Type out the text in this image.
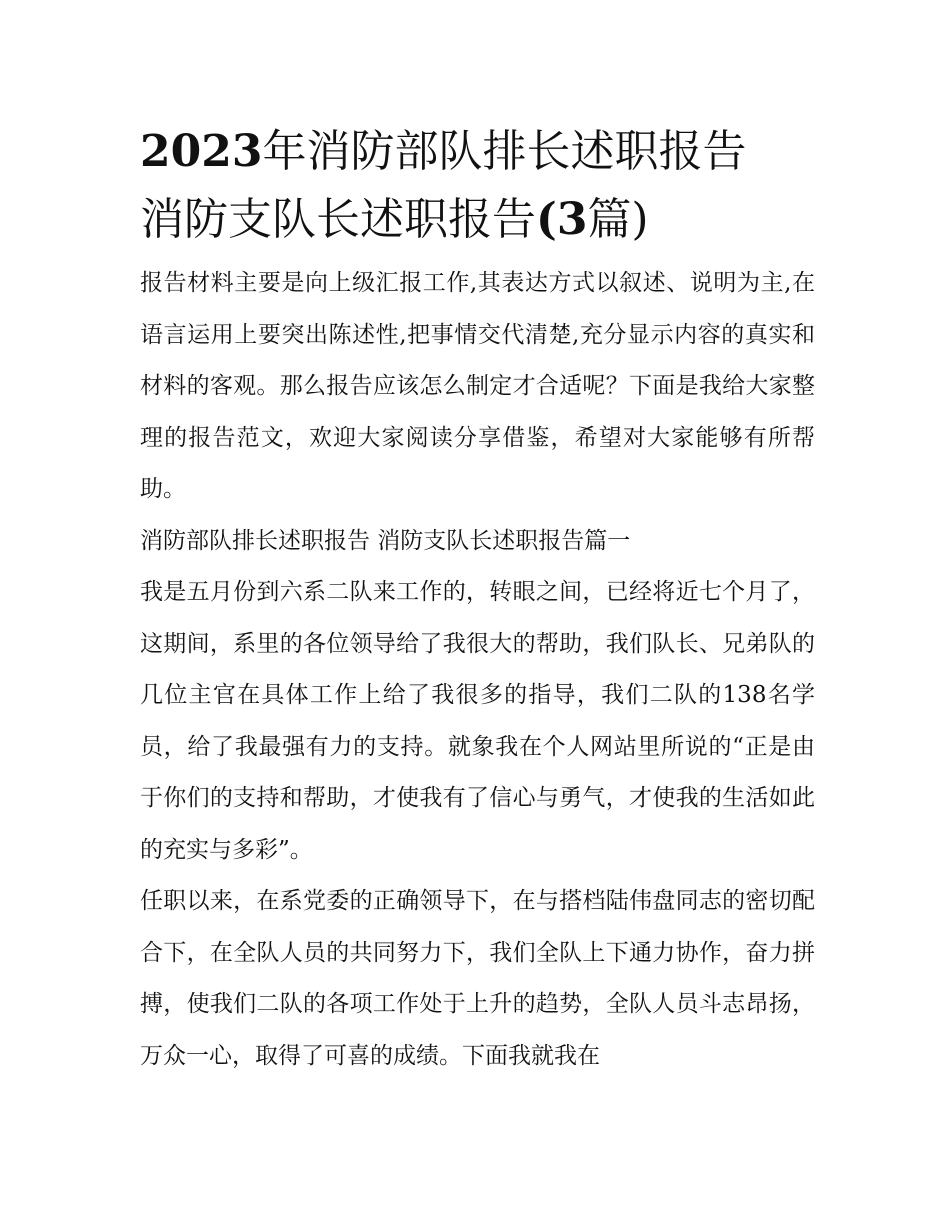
2023年消防部队排长述职报告
消防支队长述职报告(3篇)

报告材料主要是向上级汇报工作,其表达方式以叙述、说明为主,在语言运用上要突出陈述性,把事情交代清楚,充分显示内容的真实和材料的客观。那么报告应该怎么制定才合适呢？下面是我给大家整理的报告范文，欢迎大家阅读分享借鉴，希望对大家能够有所帮助。

消防部队排长述职报告 消防支队长述职报告篇一

我是五月份到六系二队来工作的，转眼之间，已经将近七个月了，这期间，系里的各位领导给了我很大的帮助，我们队长、兄弟队的几位主官在具体工作上给了我很多的指导，我们二队的138名学员，给了我最强有力的支持。就象我在个人网站里所说的“正是由于你们的支持和帮助，才使我有了信心与勇气，才使我的生活如此的充实与多彩”。

任职以来，在系党委的正确领导下，在与搭档陆伟盘同志的密切配合下，在全队人员的共同努力下，我们全队上下通力协作，奋力拼搏，使我们二队的各项工作处于上升的趋势，全队人员斗志昂扬，万众一心，取得了可喜的成绩。下面我就我在
